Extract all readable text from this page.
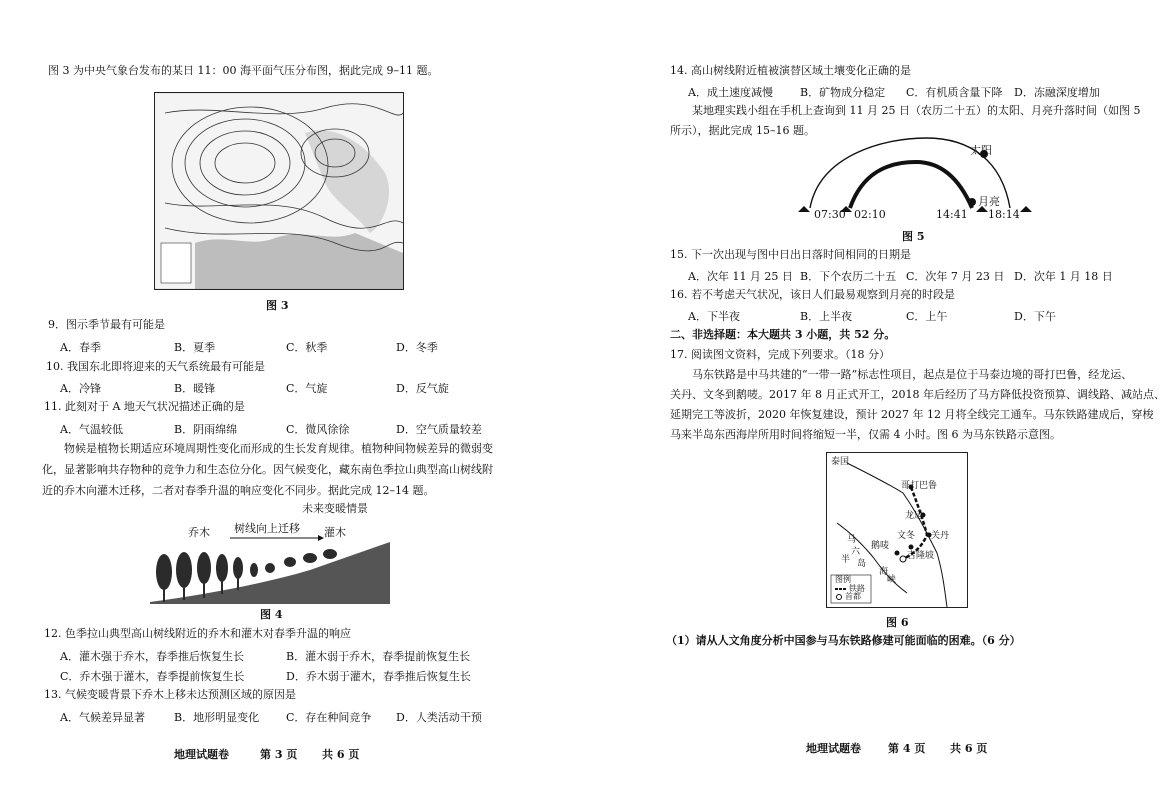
图 3 为中央气象台发布的某日 11：00 海平面气压分布图，据此完成 9–11 题。
图 3
9．图示季节最有可能是
A．春季	B．夏季	C．秋季	D．冬季
10. 我国东北即将迎来的天气系统最有可能是
A．冷锋	B．暖锋	C．气旋	D．反气旋
11. 此刻对于 A 地天气状况描述正确的是
A．气温较低	B．阴雨绵绵	C．微风徐徐	D．空气质量较差
物候是植物长期适应环境周期性变化而形成的生长发育规律。植物种间物候差异的微弱变
化，显著影响共存物种的竞争力和生态位分化。因气候变化，藏东南色季拉山典型高山树线附
近的乔木向灌木迁移，二者对春季升温的响应变化不同步。据此完成 12–14 题。
未来变暖情景
乔木 树线向上迁移 灌木
图 4
12. 色季拉山典型高山树线附近的乔木和灌木对春季升温的响应
A．灌木强于乔木，春季推后恢复生长	B．灌木弱于乔木，春季提前恢复生长
C．乔木强于灌木，春季提前恢复生长	D．乔木弱于灌木，春季推后恢复生长
13. 气候变暖背景下乔木上移未达预测区域的原因是
A．气候差异显著	B．地形明显变化 C．存在种间竞争 D．人类活动干预
地理试题卷	第 3 页 共 6 页
14. 高山树线附近植被演替区域土壤变化正确的是
A．成土速度减慢 B．矿物成分稳定 C．有机质含量下降 D．冻融深度增加
某地理实践小组在手机上查询到 11 月 25 日（农历二十五）的太阳、月亮升落时间（如图 5
所示），据此完成 15–16 题。
太阳
月亮
07:30 02:10	14:41 18:14
图 5
15. 下一次出现与图中日出日落时间相同的日期是
A．次年 11 月 25 日 B．下个农历二十五 C．次年 7 月 23 日 D．次年 1 月 18 日
16. 若不考虑天气状况，该日人们最易观察到月亮的时段是
A．下半夜	B．上半夜	C．上午	D．下午
二、非选择题：本大题共 3 小题，共 52 分。
17. 阅读图文资料，完成下列要求。（18 分）
马东铁路是中马共建的“一带一路”标志性项目，起点是位于马泰边境的哥打巴鲁，经龙运、
关丹、文冬到鹅唛。2017 年 8 月正式开工，2018 年后经历了马方降低投资预算、调线路、减站点、
延期完工等波折，2020 年恢复建设，预计 2027 年 12 月将全线完工通车。马东铁路建成后，穿梭
马来半岛东西海岸所用时间将缩短一半，仅需 4 小时。图 6 为马东铁路示意图。
泰国
哥打巴鲁
龙运
关丹
文冬
鹅唛
吉隆坡
马
六
半 岛
海
峡
图例
铁路
首都
图 6
（1）请从人文角度分析中国参与马东铁路修建可能面临的困难。（6 分）
地理试题卷 第 4 页 共 6 页
